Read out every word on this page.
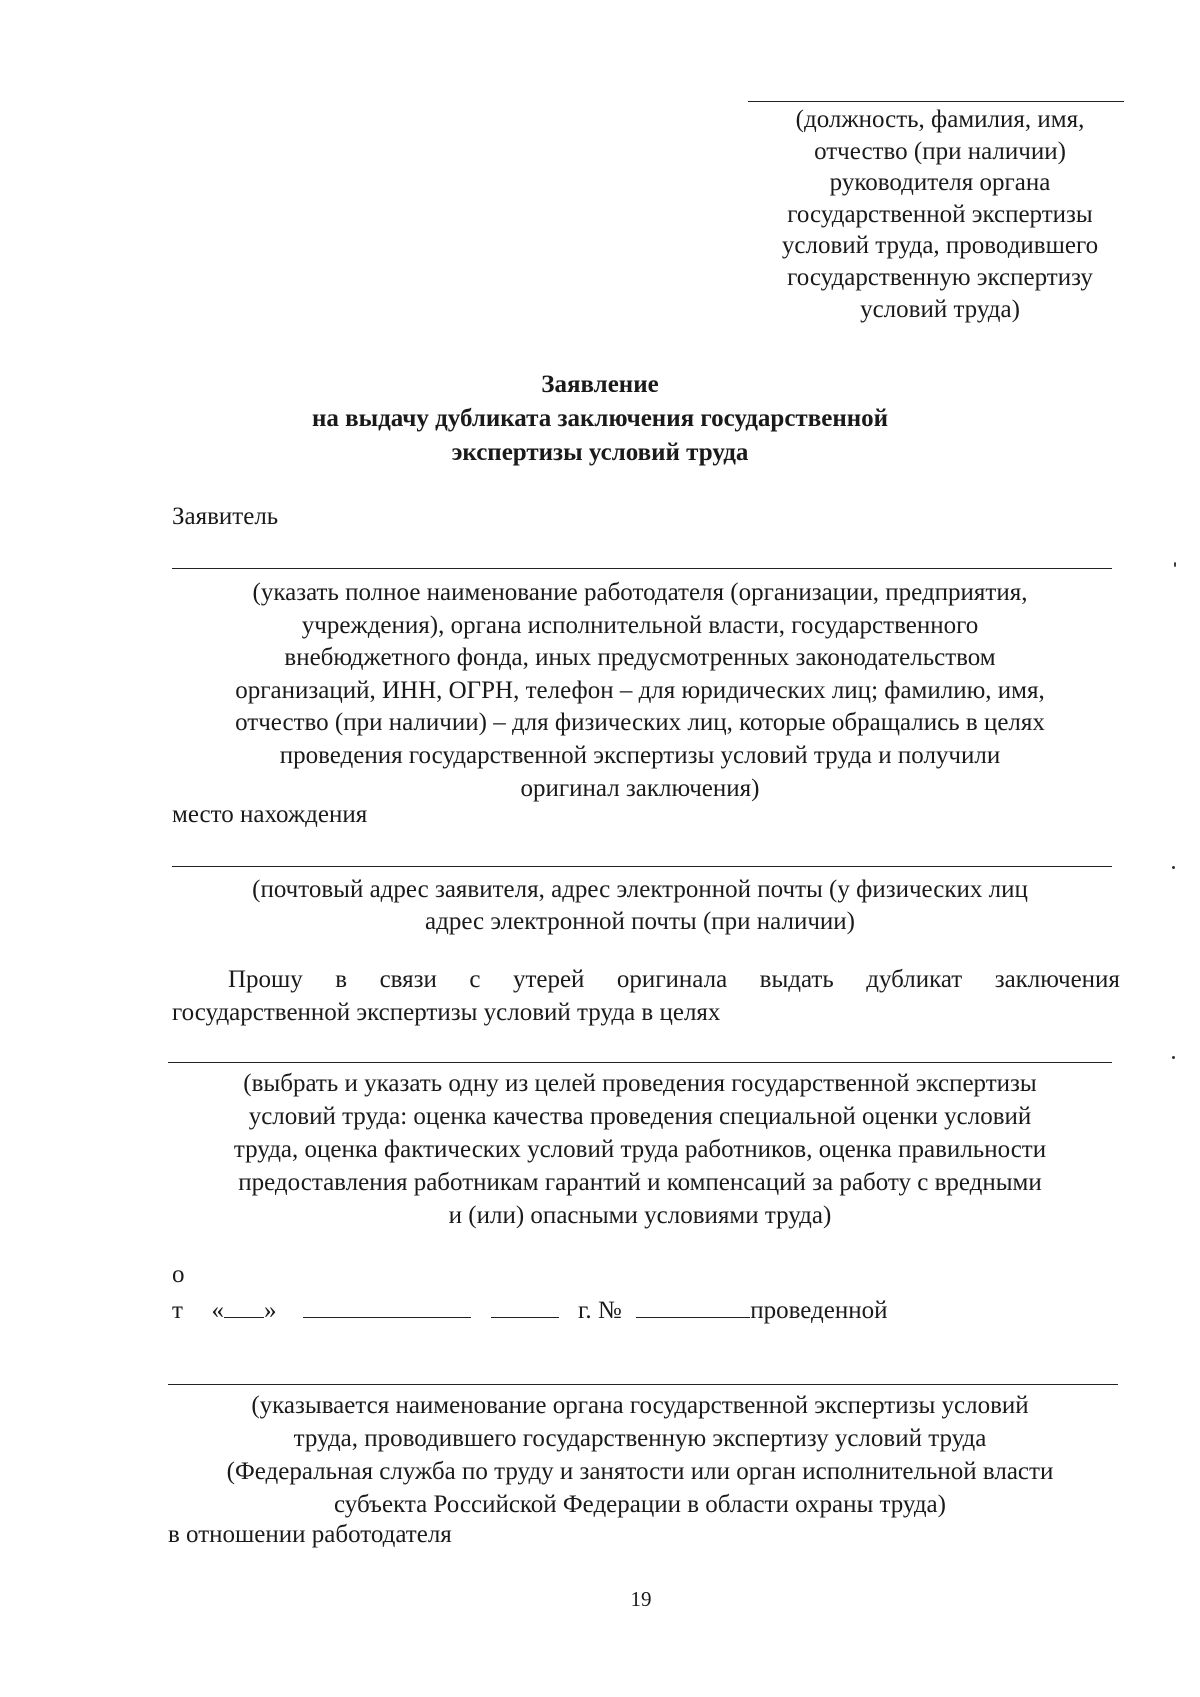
(должность, фамилия, имя,
отчество (при наличии)
руководителя органа
государственной экспертизы
условий труда, проводившего
государственную экспертизу
условий труда)
Заявление
на выдачу дубликата заключения государственной
экспертизы условий труда
Заявитель
(указать полное наименование работодателя (организации, предприятия,
учреждения), органа исполнительной власти, государственного
внебюджетного фонда, иных предусмотренных законодательством
организаций, ИНН, ОГРН, телефон – для юридических лиц; фамилию, имя,
отчество (при наличии) – для физических лиц, которые обращались в целях
проведения государственной экспертизы условий труда и получили
оригинал заключения)
место нахождения
(почтовый адрес заявителя, адрес электронной почты (у физических лиц
адрес электронной почты (при наличии)
Прошу в связи с утерей оригинала выдать дубликат заключения
государственной экспертизы условий труда в целях
(выбрать и указать одну из целей проведения государственной экспертизы
условий труда: оценка качества проведения специальной оценки условий
труда, оценка фактических условий труда работников, оценка правильности
предоставления работникам гарантий и компенсаций за работу с вредными
и (или) опасными условиями труда)
о
т « »	г. №	проведенной
(указывается наименование органа государственной экспертизы условий
труда, проводившего государственную экспертизу условий труда
(Федеральная служба по труду и занятости или орган исполнительной власти
субъекта Российской Федерации в области охраны труда)
в отношении работодателя
19
